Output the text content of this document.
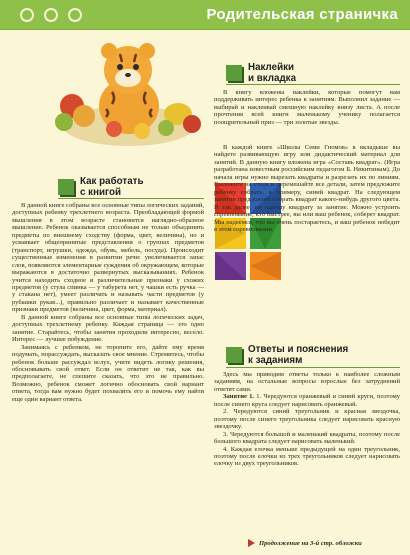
Родительская страничка
Наклейки
и вкладка

В книгу вложены наклейки, которые помогут вам поддерживать интерес ребенка к занятиям. Выполнил задание — выбирай и наклеивай смешную наклейку внизу листа. А после прочтения всей книги маленькому ученику полагается поощрительный приз — три золотые звезды.

В каждой книге «Школы Семи Гномов» в вкладыше вы найдете развивающую игру или дидактический материал для занятий. В данную книгу вложена игра «Составь квадрат». (Игра разработана известным российским педагогом Б. Никитиным). До начала игры нужно вырезать квадраты и разрезать их по линиям. Выложите на столе и перемешайте все детали, затем предложите ребенку собрать, к примеру, синий квадрат. На следующем занятии предложите собрать квадрат какого-нибудь другого цвета. И так далее, по одному квадрату за занятие. Можно устроить соревнование, кто быстрее, вы или ваш ребенок, соберет квадрат. Мы надеемся, что вы очень постараетесь, и ваш ребенок победит в этом соревновании.

Как работать
с книгой

В данной книге собраны все основные типы логических заданий, доступных ребенку трехлетнего возраста. Преобладающей формой мышления в этом возрасте становится наглядно-образное мышление. Ребенок оказывается способным не только объединять предметы по внешнему сходству (форма, цвет, величина), но и усваивает общепринятые представления о группах предметов (транспорт, игрушки, одежда, обувь, мебель, посуда). Происходит существенные изменения в развитии речи: увеличивается запас слов, появляются элементарные суждения об окружающем, которые выражаются в достаточно развернутых высказываниях. Ребенок учится находить сходное и различительные признаки у схожих предметов (у стула спинка — у табурета нет, у чашки есть ручка — у стакана нет), умеет различать и называть части предметов (у рубашки рукав...), правильно различает и называет качественные признаки предметов (величина, цвет, форма, материал).

В данной книге собраны все основные типы логических задач, доступных трехлетнему ребенку. Каждая страница — это одно занятие. Старайтесь, чтобы занятия проходили интересно, весело. Интерес — лучшее побуждение.

Занимаясь с ребенком, не торопите его, дайте ему время подумать, порассуждать, высказать свое мнение. Стремитесь, чтобы ребенок больше рассуждал вслух, учите видеть логику решения, обосновывать свой ответ. Если он ответит не так, как вы предполагаете, не спешите сказать, что это не правильно. Возможно, ребенок сможет логично обосновать свой вариант ответа, тогда вам нужно будет похвалить его и помочь ему найти еще один вариант ответа.

Ответы и пояснения
к заданиям

Здесь мы приводим ответы только к наиболее сложным заданиям, на остальные вопросы взрослые без затруднений ответят сами.

Занятие 1. 1. Чередуются оранжевый и синий круги, поэтому после синего круга следует нарисовать оранжевый.

2. Чередуются синий треугольник и красная звездочка, поэтому после синего треугольника следует нарисовать красную звездочку.

3. Чередуются большой и маленький квадраты, поэтому после большого квадрата следует нарисовать маленький.

4. Каждая елочка меньше предыдущей на один треугольник, поэтому после елочки из трех треугольников следует нарисовать елочку из двух треугольников.

Продолжение на 3-й стр. обложки
